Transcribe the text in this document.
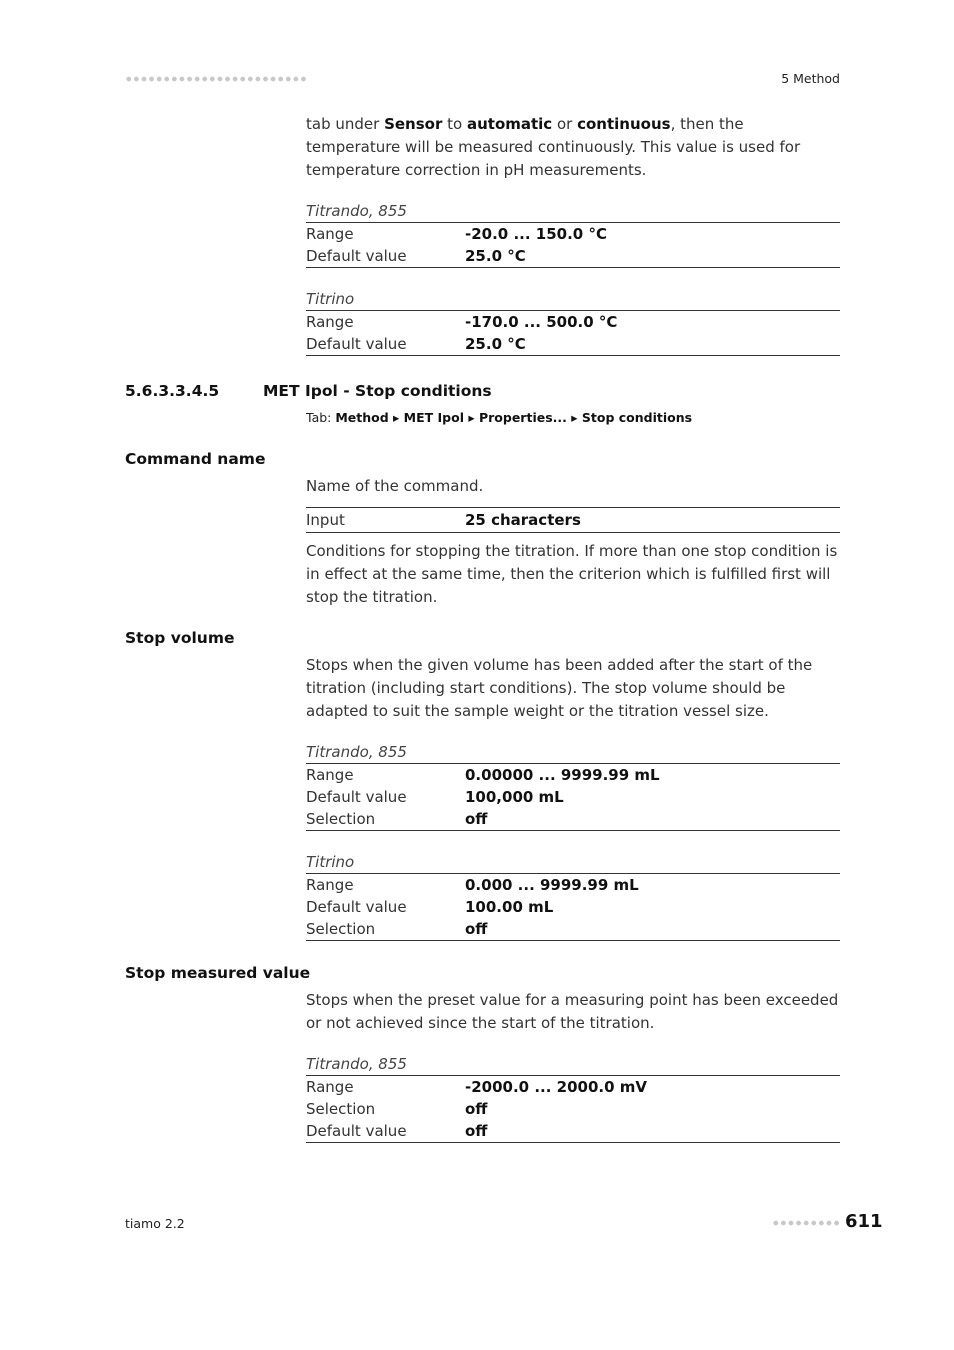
5 Method

tab under Sensor to automatic or continuous, then the temperature will be measured continuously. This value is used for temperature correction in pH measurements.

Titrando, 855
Range	-20.0 ... 150.0 °C
Default value	25.0 °C
Titrino
Range	-170.0 ... 500.0 °C
Default value	25.0 °C
5.6.3.3.4.5	MET Ipol - Stop conditions
Tab: Method ▸ MET Ipol ▸ Properties... ▸ Stop conditions
Command name

Name of the command.

Input	25 characters

Conditions for stopping the titration. If more than one stop condition is in effect at the same time, then the criterion which is fulfilled first will stop the titration.

Stop volume

Stops when the given volume has been added after the start of the titration (including start conditions). The stop volume should be adapted to suit the sample weight or the titration vessel size.

Titrando, 855
Range	0.00000 ... 9999.99 mL
Default value	100,000 mL
Selection	off
Titrino
Range	0.000 ... 9999.99 mL
Default value	100.00 mL
Selection	off
Stop measured value

Stops when the preset value for a measuring point has been exceeded or not achieved since the start of the titration.

Titrando, 855
Range	-2000.0 ... 2000.0 mV
Selection	off
Default value	off
tiamo 2.2	611
